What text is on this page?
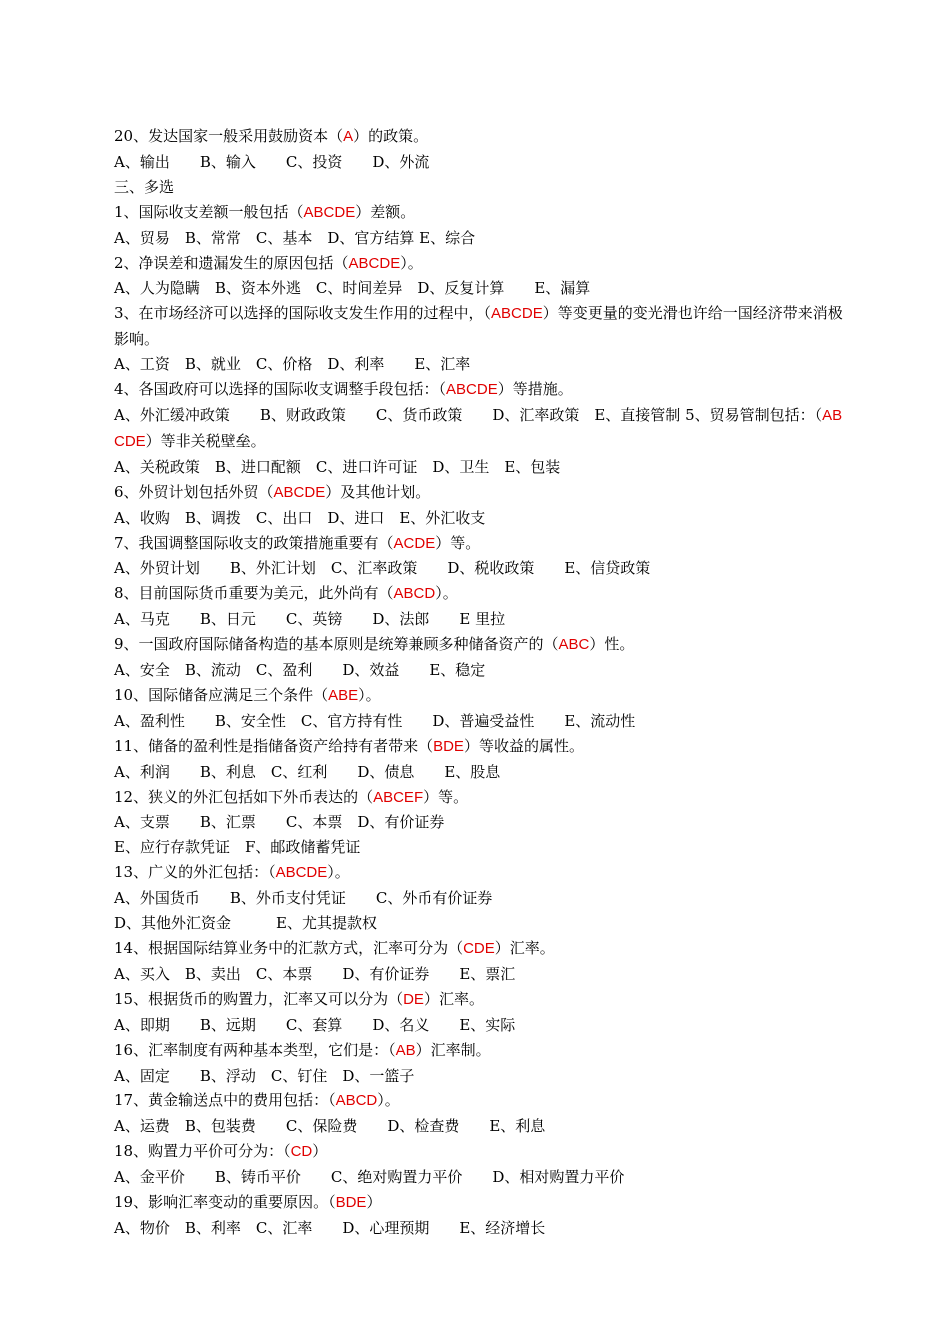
20、发达国家一般采用鼓励资本（A）的政策。
A、输出　　B、输入　　C、投资　　D、外流
三、多选
1、国际收支差额一般包括（ABCDE）差额。
A、贸易　B、常常　C、基本　D、官方结算 E、综合
2、净误差和遗漏发生的原因包括（ABCDE）。
A、人为隐瞒　B、资本外逃　C、时间差异　D、反复计算　　E、漏算
3、在市场经济可以选择的国际收支发生作用的过程中，（ABCDE）等变更量的变光滑也许给一国经济带来消极影响。
A、工资　B、就业　C、价格　D、利率　　E、汇率
4、各国政府可以选择的国际收支调整手段包括：（ABCDE）等措施。
A、外汇缓冲政策　　B、财政政策　　C、货币政策　　D、汇率政策　E、直接管制 5、贸易管制包括：（ABCDE）等非关税壁垒。
A、关税政策　B、进口配额　C、进口许可证　D、卫生　E、包装
6、外贸计划包括外贸（ABCDE）及其他计划。
A、收购　B、调拨　C、出口　D、进口　E、外汇收支
7、我国调整国际收支的政策措施重要有（ACDE）等。
A、外贸计划　　B、外汇计划　C、汇率政策　　D、税收政策　　E、信贷政策
8、目前国际货币重要为美元，此外尚有（ABCD）。
A、马克　　B、日元　　C、英镑　　D、法郎　　E 里拉
9、一国政府国际储备构造的基本原则是统筹兼顾多种储备资产的（ABC）性。
A、安全　B、流动　C、盈利　　D、效益　　E、稳定
10、国际储备应满足三个条件（ABE）。
A、盈利性　　B、安全性　C、官方持有性　　D、普遍受益性　　E、流动性
11、储备的盈利性是指储备资产给持有者带来（BDE）等收益的属性。
A、利润　　B、利息　C、红利　　D、债息　　E、股息
12、狭义的外汇包括如下外币表达的（ABCEF）等。
A、支票　　B、汇票　　C、本票　D、有价证券
E、应行存款凭证　F、邮政储蓄凭证
13、广义的外汇包括：（ABCDE）。
A、外国货币　　B、外币支付凭证　　C、外币有价证券
D、其他外汇资金　　　E、尤其提款权
14、根据国际结算业务中的汇款方式，汇率可分为（CDE）汇率。
A、买入　B、卖出　C、本票　　D、有价证券　　E、票汇
15、根据货币的购置力，汇率又可以分为（DE）汇率。
A、即期　　B、远期　　C、套算　　D、名义　　E、实际
16、汇率制度有两种基本类型，它们是：（AB）汇率制。
A、固定　　B、浮动　C、钉住　D、一篮子
17、黄金输送点中的费用包括：（ABCD）。
A、运费　B、包装费　　C、保险费　　D、检查费　　E、利息
18、购置力平价可分为：（CD）
A、金平价　　B、铸币平价　　C、绝对购置力平价　　D、相对购置力平价
19、影响汇率变动的重要原因。（BDE）
A、物价　B、利率　C、汇率　　D、心理预期　　E、经济增长
